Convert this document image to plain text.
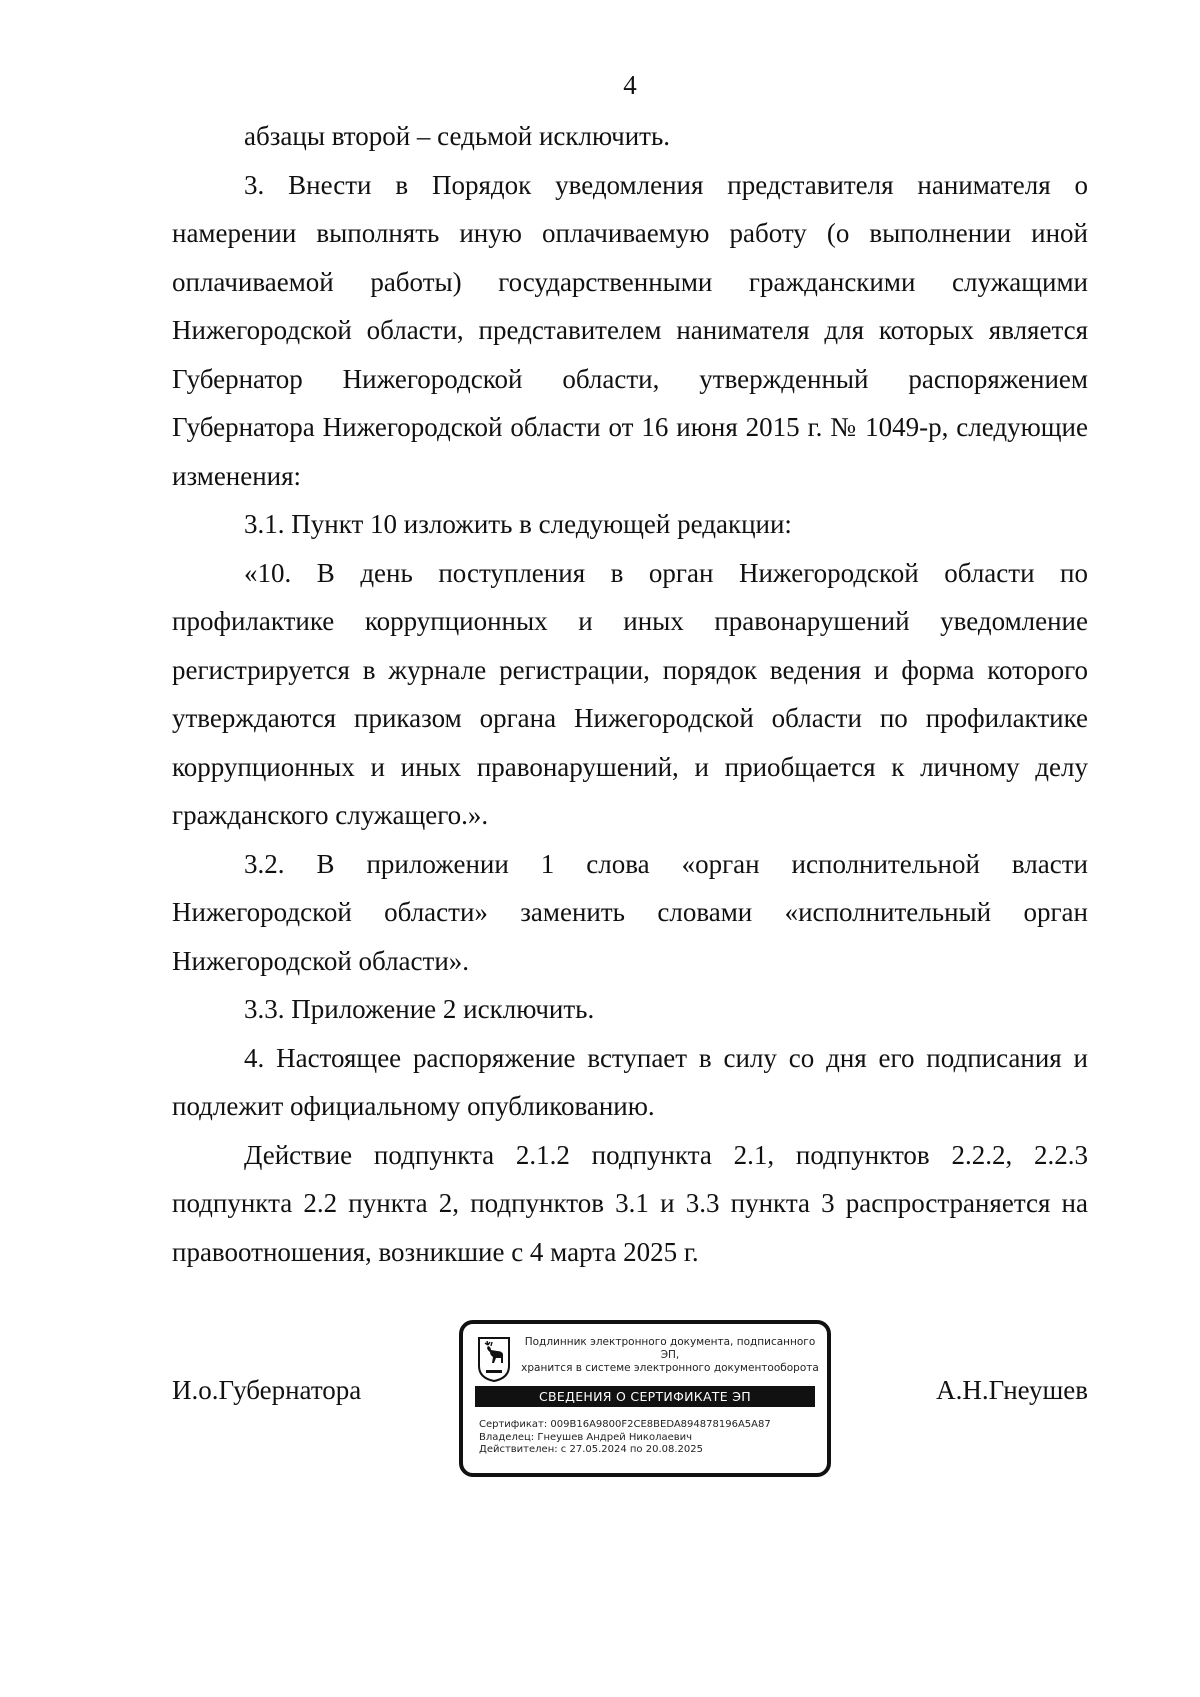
4

абзацы второй – седьмой исключить.

3. Внести в Порядок уведомления представителя нанимателя о намерении выполнять иную оплачиваемую работу (о выполнении иной оплачиваемой работы) государственными гражданскими служащими Нижегородской области, представителем нанимателя для которых является Губернатор Нижегородской области, утвержденный распоряжением Губернатора Нижегородской области от 16 июня 2015 г. № 1049-р, следующие изменения:

3.1. Пункт 10 изложить в следующей редакции:

«10. В день поступления в орган Нижегородской области по профилактике коррупционных и иных правонарушений уведомление регистрируется в журнале регистрации, порядок ведения и форма которого утверждаются приказом органа Нижегородской области по профилактике коррупционных и иных правонарушений, и приобщается к личному делу гражданского служащего.».

3.2. В приложении 1 слова «орган исполнительной власти Нижегородской области» заменить словами «исполнительный орган Нижегородской области».

3.3. Приложение 2 исключить.

4. Настоящее распоряжение вступает в силу со дня его подписания и подлежит официальному опубликованию.

Действие подпункта 2.1.2 подпункта 2.1, подпунктов 2.2.2, 2.2.3 подпункта 2.2 пункта 2, подпунктов 3.1 и 3.3 пункта 3 распространяется на правоотношения, возникшие с 4 марта 2025 г.

И.о.Губернатора
Подлинник электронного документа, подписанного ЭП,
хранится в системе электронного документооборота
СВЕДЕНИЯ О СЕРТИФИКАТЕ ЭП
Сертификат: 009B16A9800F2CE8BEDA894878196A5A87
Владелец: Гнеушев Андрей Николаевич
Действителен: с 27.05.2024 по 20.08.2025
А.Н.Гнеушев
